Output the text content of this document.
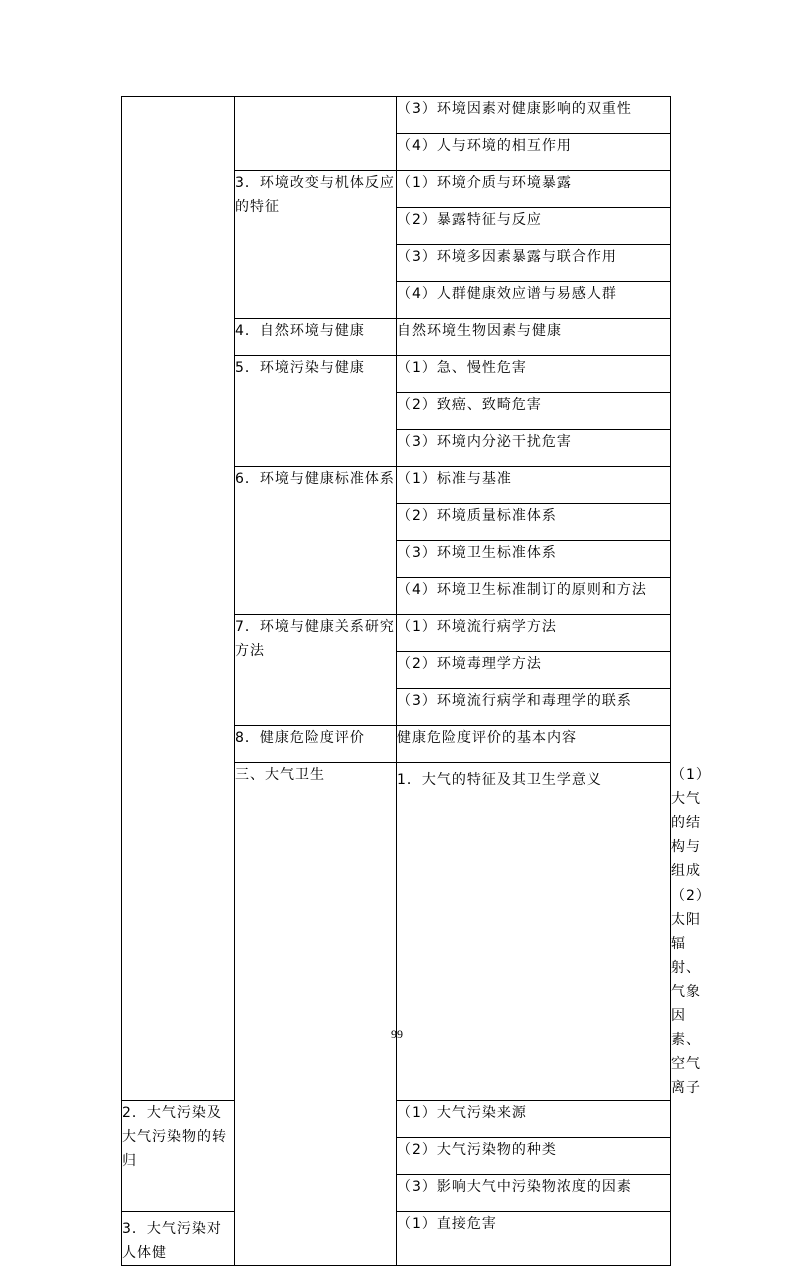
		（3）环境因素对健康影响的双重性	
		（4）人与环境的相互作用	
	3．环境改变与机体反应的特征	（1）环境介质与环境暴露	
		（2）暴露特征与反应	
		（3）环境多因素暴露与联合作用	
		（4）人群健康效应谱与易感人群	
	4．自然环境与健康	自然环境生物因素与健康	
	5．环境污染与健康	（1）急、慢性危害	
		（2）致癌、致畸危害	
		（3）环境内分泌干扰危害	
	6．环境与健康标准体系	（1）标准与基准	
		（2）环境质量标准体系	
		（3）环境卫生标准体系	
		（4）环境卫生标准制订的原则和方法	
	7．环境与健康关系研究方法	（1）环境流行病学方法	
		（2）环境毒理学方法	
		（3）环境流行病学和毒理学的联系	
	8．健康危险度评价	健康危险度评价的基本内容	
	三、大气卫生	1．大气的特征及其卫生学意义	（1）大气的结构与组成
			（2）太阳辐射、气象因素、空气离子
2．大气污染及大气污染物的转归		（1）大气污染来源	
		（2）大气污染物的种类	
		（3）影响大气中污染物浓度的因素	
3．大气污染对人体健		（1）直接危害	
99
